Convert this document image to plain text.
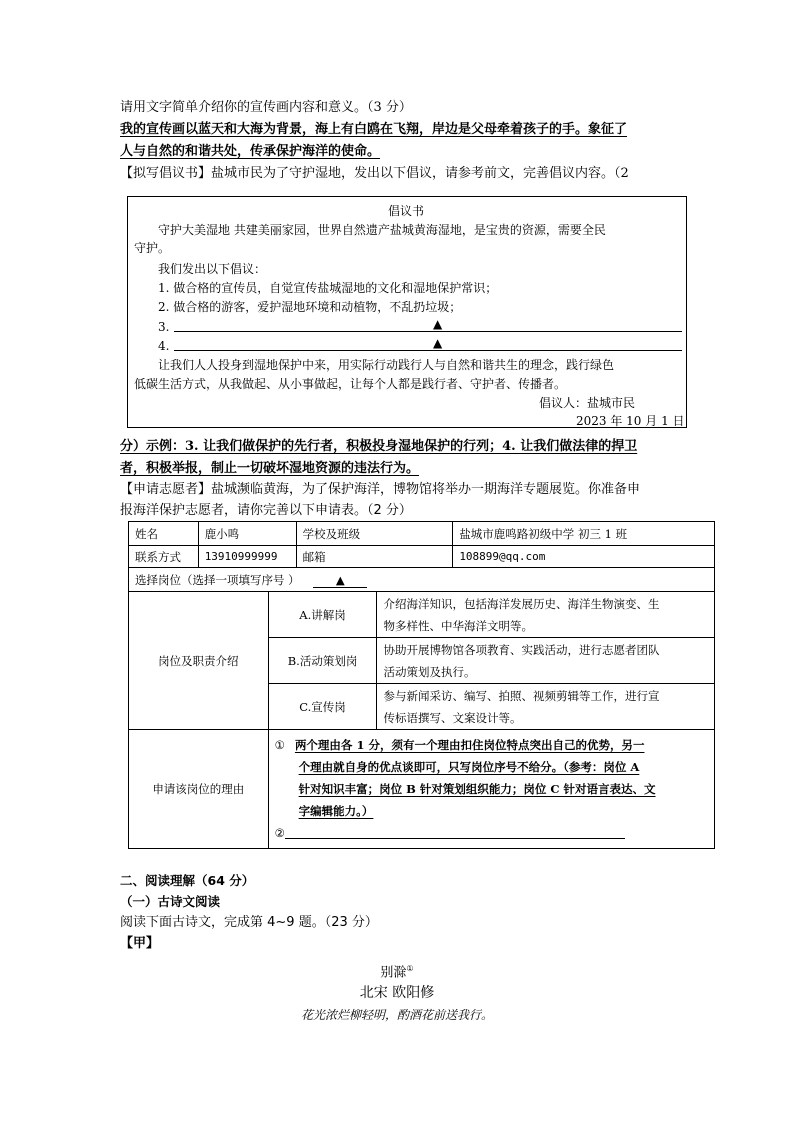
请用文字简单介绍你的宣传画内容和意义。（3 分）
我的宣传画以蓝天和大海为背景，海上有白鸥在飞翔，岸边是父母牵着孩子的手。象征了
人与自然的和谐共处，传承保护海洋的使命。
【拟写倡议书】盐城市民为了守护湿地，发出以下倡议，请参考前文，完善倡议内容。（2
倡议书
守护大美湿地 共建美丽家园，世界自然遗产盐城黄海湿地，是宝贵的资源，需要全民
守护。
我们发出以下倡议：
1. 做合格的宣传员，自觉宣传盐城湿地的文化和湿地保护常识；
2. 做合格的游客，爱护湿地环境和动植物，不乱扔垃圾；
3.	▲
4.	▲
让我们人人投身到湿地保护中来，用实际行动践行人与自然和谐共生的理念，践行绿色
低碳生活方式，从我做起、从小事做起，让每个人都是践行者、守护者、传播者。
倡议人：盐城市民
2023 年 10 月 1 日
分）示例：3. 让我们做保护的先行者，积极投身湿地保护的行列；4. 让我们做法律的捍卫
者，积极举报，制止一切破坏湿地资源的违法行为。
【申请志愿者】盐城濒临黄海，为了保护海洋，博物馆将举办一期海洋专题展览。你准备申
报海洋保护志愿者，请你完善以下申请表。（2 分）
姓名	鹿小鸣		学校及班级		盐城市鹿鸣路初级中学 初三 1 班
联系方式	13910999999		邮箱		108899@qq.com
选择岗位（选择一项填写序号 ） ▲					
岗位及职责介绍		A.讲解岗		介绍海洋知识，包括海洋发展历史、海洋生物演变、生
物多样性、中华海洋文明等。	

		B.活动策划岗		协助开展博物馆各项教育、实践活动，进行志愿者团队
活动策划及执行。	

		C.宣传岗		参与新闻采访、编写、拍照、视频剪辑等工作，进行宣
传标语撰写、文案设计等。	

申请该岗位的理由		① 两个理由各 1 分，须有一个理由扣住岗位特点突出自己的优势，另一
个理由就自身的优点谈即可，只写岗位序号不给分。（参考：岗位 A
针对知识丰富；岗位 B 针对策划组织能力；岗位 C 针对语言表达、文
字编辑能力。）
②			
二、阅读理解（64 分）
（一）古诗文阅读
阅读下面古诗文，完成第 4~9 题。（23 分）
【甲】
别滁①
北宋 欧阳修
花光浓烂柳轻明，酌酒花前送我行。
